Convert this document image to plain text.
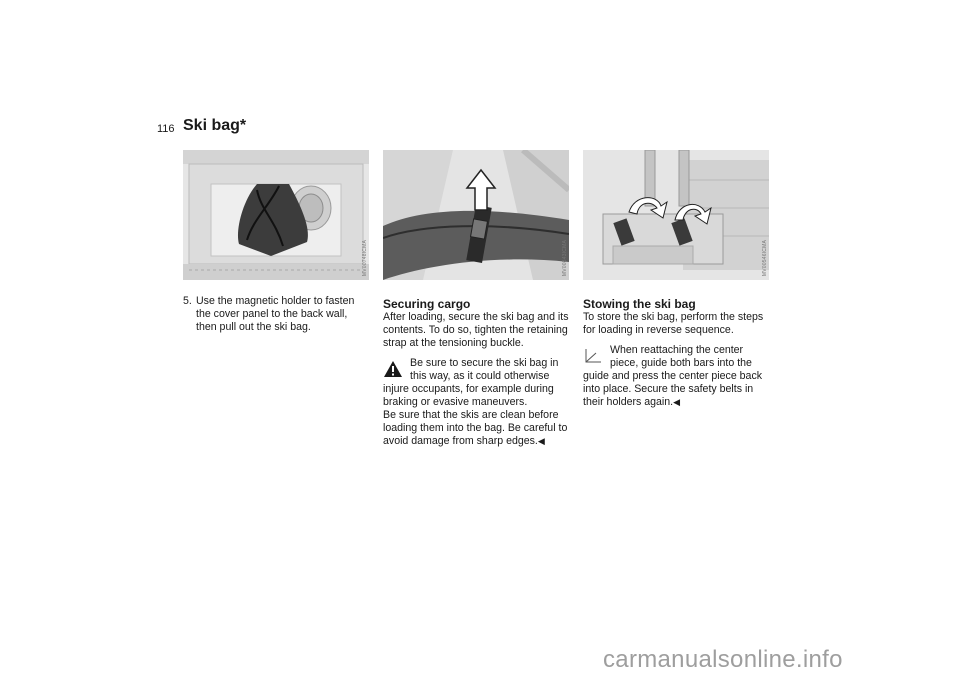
116 Ski bag*
MV00748ICMA	MV00843ICMA	MV00546ICMA
5. Use the magnetic holder to fasten the cover panel to the back wall, then pull out the ski bag.

Securing cargo

After loading, secure the ski bag and its contents. To do so, tighten the retaining strap at the tensioning buckle.

Be sure to secure the ski bag in

this way, as it could otherwise

injure occupants, for example during braking or evasive maneuvers.

Be sure that the skis are clean before loading them into the bag. Be careful to avoid damage from sharp edges.◀

Stowing the ski bag

To store the ski bag, perform the steps for loading in reverse sequence.

When reattaching the center

piece, guide both bars into the

guide and press the center piece back into place. Secure the safety belts in their holders again.◀

carmanualsonline.info
